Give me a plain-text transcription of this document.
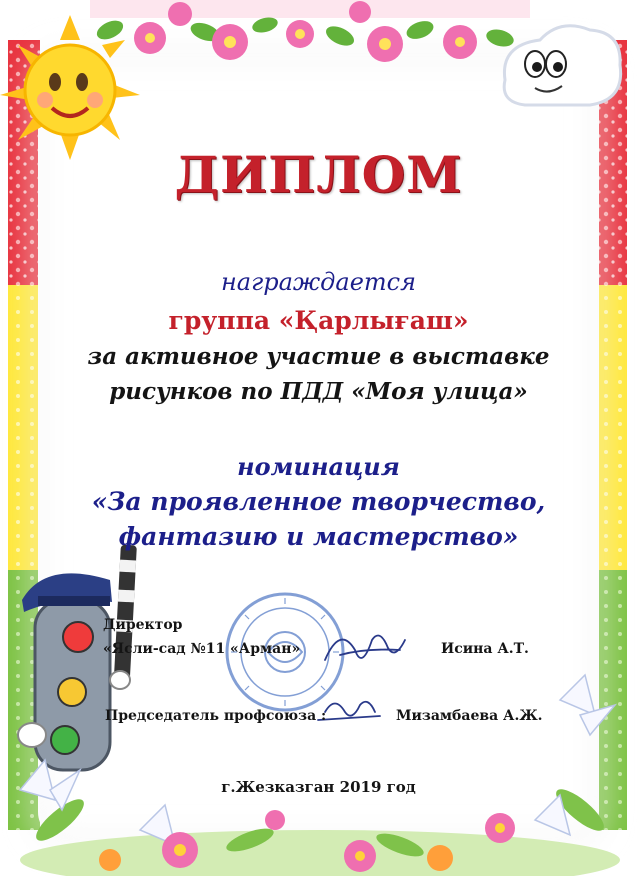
ДИПЛОМ
награждается
группа «Қарлығаш»
за активное участие в выставке
рисунков по ПДД «Моя улица»
номинация
«За проявленное творчество,
фантазию и мастерство»
Директор
«Ясли-сад №11 «Арман»	Исина А.Т.
Председатель профсоюза :	Мизамбаева А.Ж.
г.Жезказган 2019 год
